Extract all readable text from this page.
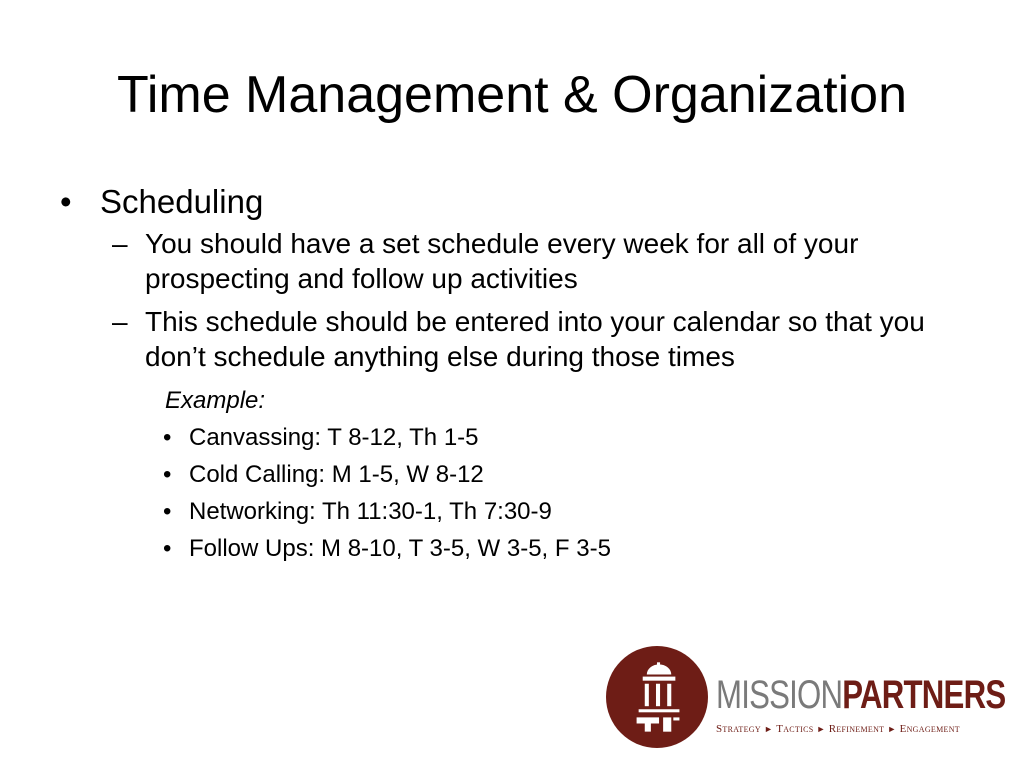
Time Management & Organization
• Scheduling
– You should have a set schedule every week for all of your prospecting and follow up activities
– This schedule should be entered into your calendar so that you don’t schedule anything else during those times
Example:
• Canvassing: T 8-12, Th 1-5
• Cold Calling: M 1-5, W 8-12
• Networking: Th 11:30-1, Th 7:30-9
• Follow Ups: M 8-10, T 3-5, W 3-5, F 3-5
MISSIONPARTNERS
Strategy ► Tactics ► Refinement ► Engagement
